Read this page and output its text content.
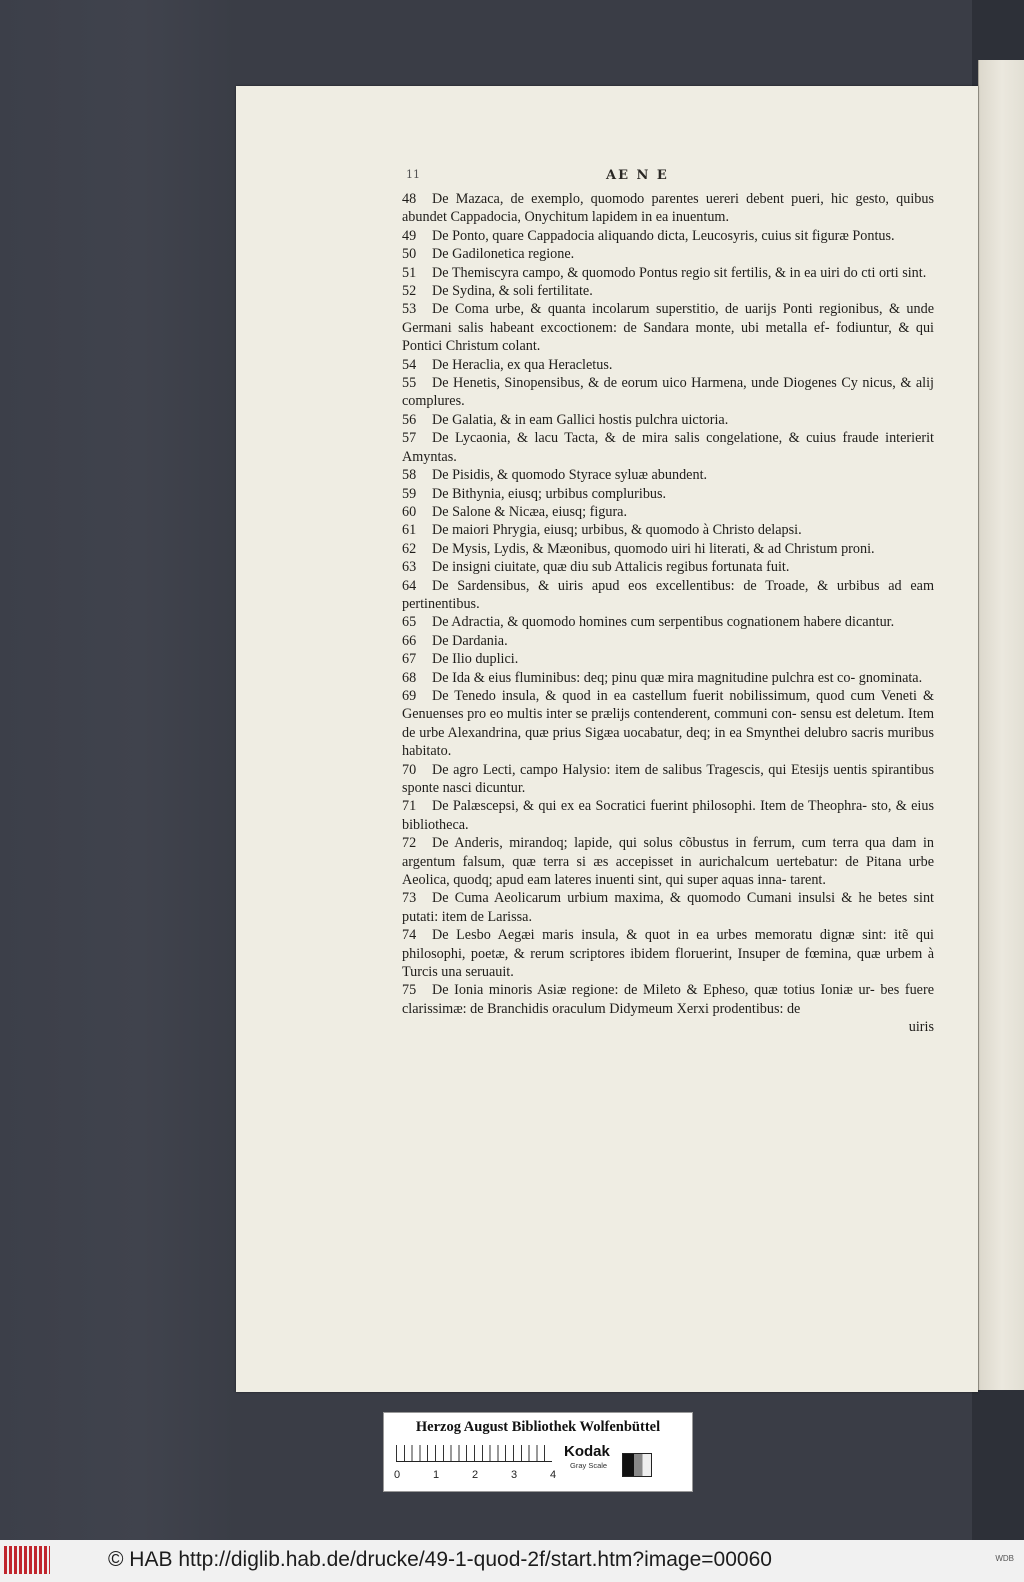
11	AE N E

48 De Mazaca, de exemplo, quomodo parentes uereri debent pueri, hic gesto, quibus abundet Cappadocia, Onychitum lapidem in ea inuentum.

49 De Ponto, quare Cappadocia aliquando dicta, Leucosyris, cuius sit figuræ Pontus.

50 De Gadilonetica regione.

51 De Themiscyra campo, & quomodo Pontus regio sit fertilis, & in ea uiri do cti orti sint.

52 De Sydina, & soli fertilitate.

53 De Coma urbe, & quanta incolarum superstitio, de uarijs Ponti regionibus, & unde Germani salis habeant excoctionem: de Sandara monte, ubi metalla ef- fodiuntur, & qui Pontici Christum colant.

54 De Heraclia, ex qua Heracletus.

55 De Henetis, Sinopensibus, & de eorum uico Harmena, unde Diogenes Cy nicus, & alij complures.

56 De Galatia, & in eam Gallici hostis pulchra uictoria.

57 De Lycaonia, & lacu Tacta, & de mira salis congelatione, & cuius fraude interierit Amyntas.

58 De Pisidis, & quomodo Styrace syluæ abundent.

59 De Bithynia, eiusq; urbibus compluribus.

60 De Salone & Nicæa, eiusq; figura.

61 De maiori Phrygia, eiusq; urbibus, & quomodo à Christo delapsi.

62 De Mysis, Lydis, & Mæonibus, quomodo uiri hi literati, & ad Christum proni.

63 De insigni ciuitate, quæ diu sub Attalicis regibus fortunata fuit.

64 De Sardensibus, & uiris apud eos excellentibus: de Troade, & urbibus ad eam pertinentibus.

65 De Adractia, & quomodo homines cum serpentibus cognationem habere dicantur.

66 De Dardania.

67 De Ilio duplici.

68 De Ida & eius fluminibus: deq; pinu quæ mira magnitudine pulchra est co- gnominata.

69 De Tenedo insula, & quod in ea castellum fuerit nobilissimum, quod cum Veneti & Genuenses pro eo multis inter se prælijs contenderent, communi con- sensu est deletum. Item de urbe Alexandrina, quæ prius Sigæa uocabatur, deq; in ea Smynthei delubro sacris muribus habitato.

70 De agro Lecti, campo Halysio: item de salibus Tragescis, qui Etesijs uentis spirantibus sponte nasci dicuntur.

71 De Palæscepsi, & qui ex ea Socratici fuerint philosophi. Item de Theophra- sto, & eius bibliotheca.

72 De Anderis, mirandoq; lapide, qui solus cõbustus in ferrum, cum terra qua dam in argentum falsum, quæ terra si æs accepisset in aurichalcum uertebatur: de Pitana urbe Aeolica, quodq; apud eam lateres inuenti sint, qui super aquas inna- tarent.

73 De Cuma Aeolicarum urbium maxima, & quomodo Cumani insulsi & he betes sint putati: item de Larissa.

74 De Lesbo Aegæi maris insula, & quot in ea urbes memoratu dignæ sint: itẽ qui philosophi, poetæ, & rerum scriptores ibidem floruerint, Insuper de fœmina, quæ urbem à Turcis una seruauit.

75 De Ionia minoris Asiæ regione: de Mileto & Epheso, quæ totius Ioniæ ur- bes fuere clarissimæ: de Branchidis oraculum Didymeum Xerxi prodentibus: de

uiris
Herzog August Bibliothek Wolfenbüttel
0	1	2	3	4
Kodak
Gray Scale
© HAB http://diglib.hab.de/drucke/49-1-quod-2f/start.htm?image=00060	WDB
